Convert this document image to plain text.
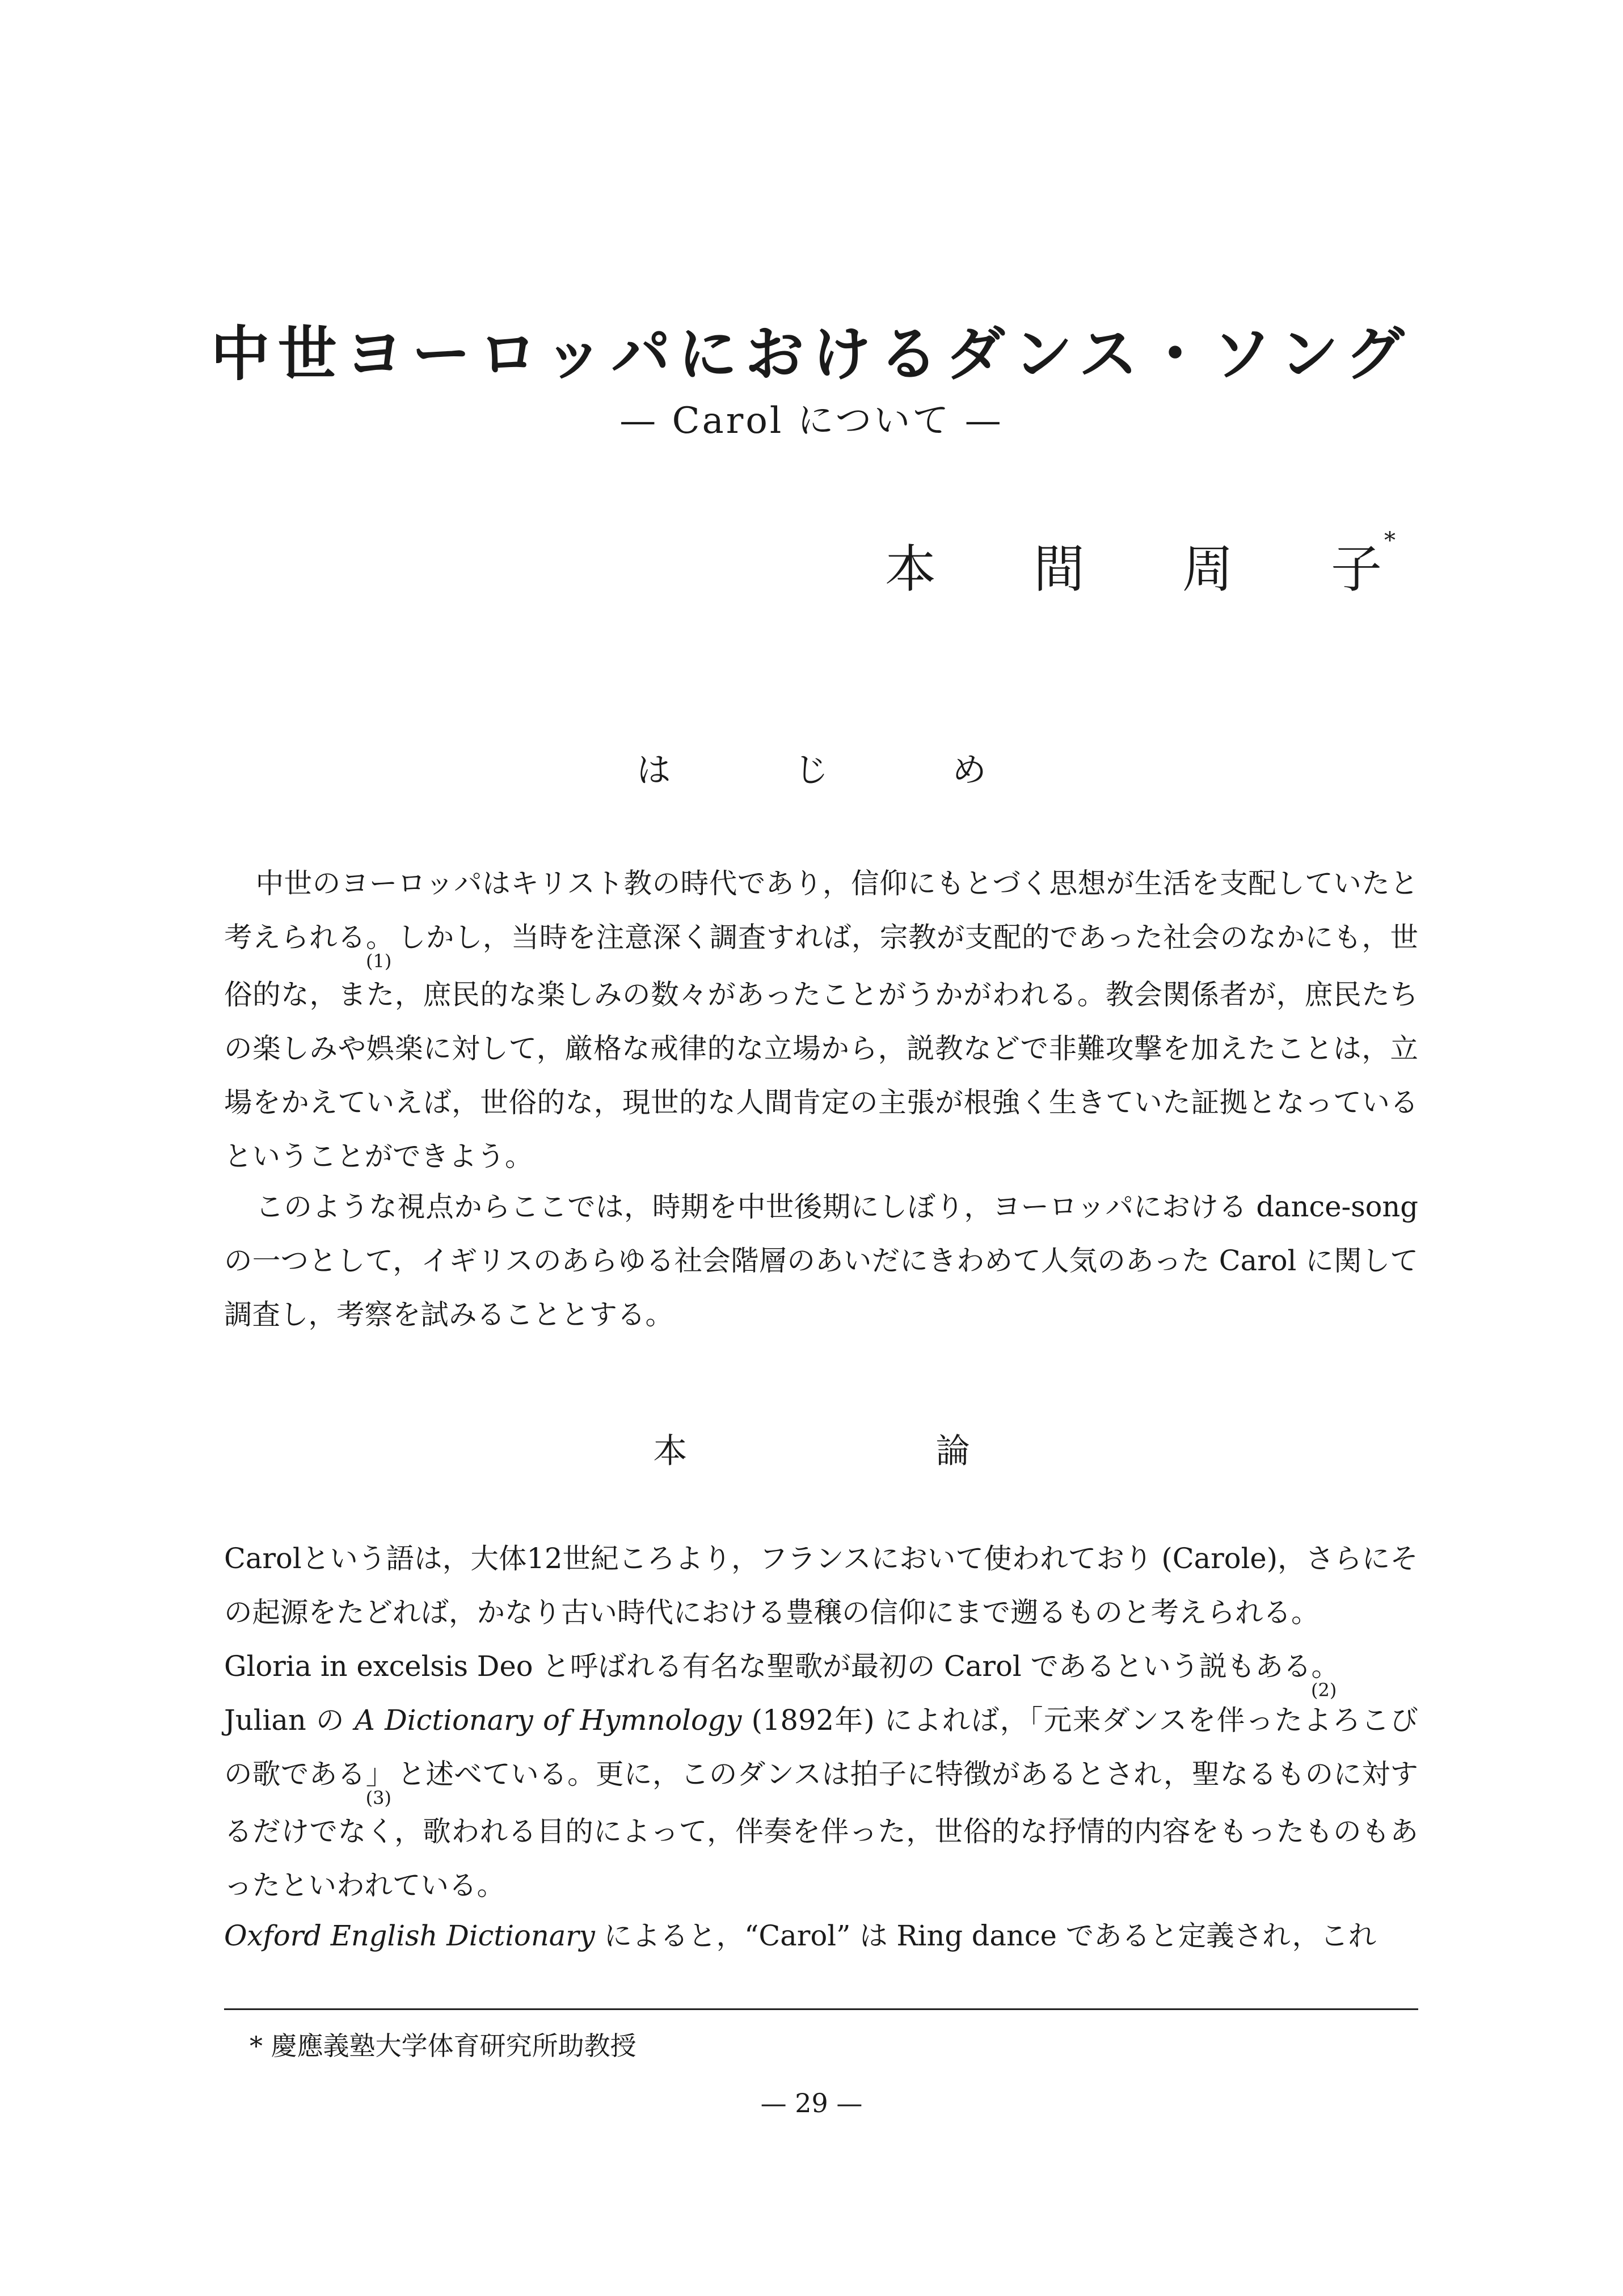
中世ヨーロッパにおけるダンス・ソング
— Carol について —
本 間 周 子 *
は	じ	め
中世のヨーロッパはキリスト教の時代であり，信仰にもとづく思想が生活を支配していたと考えられる。$_{(1)}$しかし，当時を注意深く調査すれば，宗教が支配的であった社会のなかにも，世俗的な，また，庶民的な楽しみの数々があったことがうかがわれる。教会関係者が，庶民たちの楽しみや娯楽に対して，厳格な戒律的な立場から，説教などで非難攻撃を加えたことは，立場をかえていえば，世俗的な，現世的な人間肯定の主張が根強く生きていた証拠となっているということができよう。
このような視点からここでは，時期を中世後期にしぼり，ヨーロッパにおける dance-song の一つとして，イギリスのあらゆる社会階層のあいだにきわめて人気のあった Carol に関して調査し，考察を試みることとする。
本	論
Carolという語は，大体12世紀ころより，フランスにおいて使われており (Carole)，さらにその起源をたどれば，かなり古い時代における豊穣の信仰にまで遡るものと考えられる。
Gloria in excelsis Deo と呼ばれる有名な聖歌が最初の Carol であるという説もある。$_{(2)}$
Julian の A Dictionary of Hymnology (1892年) によれば，「元来ダンスを伴ったよろこびの歌である」$_{(3)}$と述べている。更に，このダンスは拍子に特徴があるとされ，聖なるものに対するだけでなく，歌われる目的によって，伴奏を伴った，世俗的な抒情的内容をもったものもあったといわれている。
Oxford English Dictionary によると，“Carol” は Ring dance であると定義され，これ
* 慶應義塾大学体育研究所助教授
— 29 —
